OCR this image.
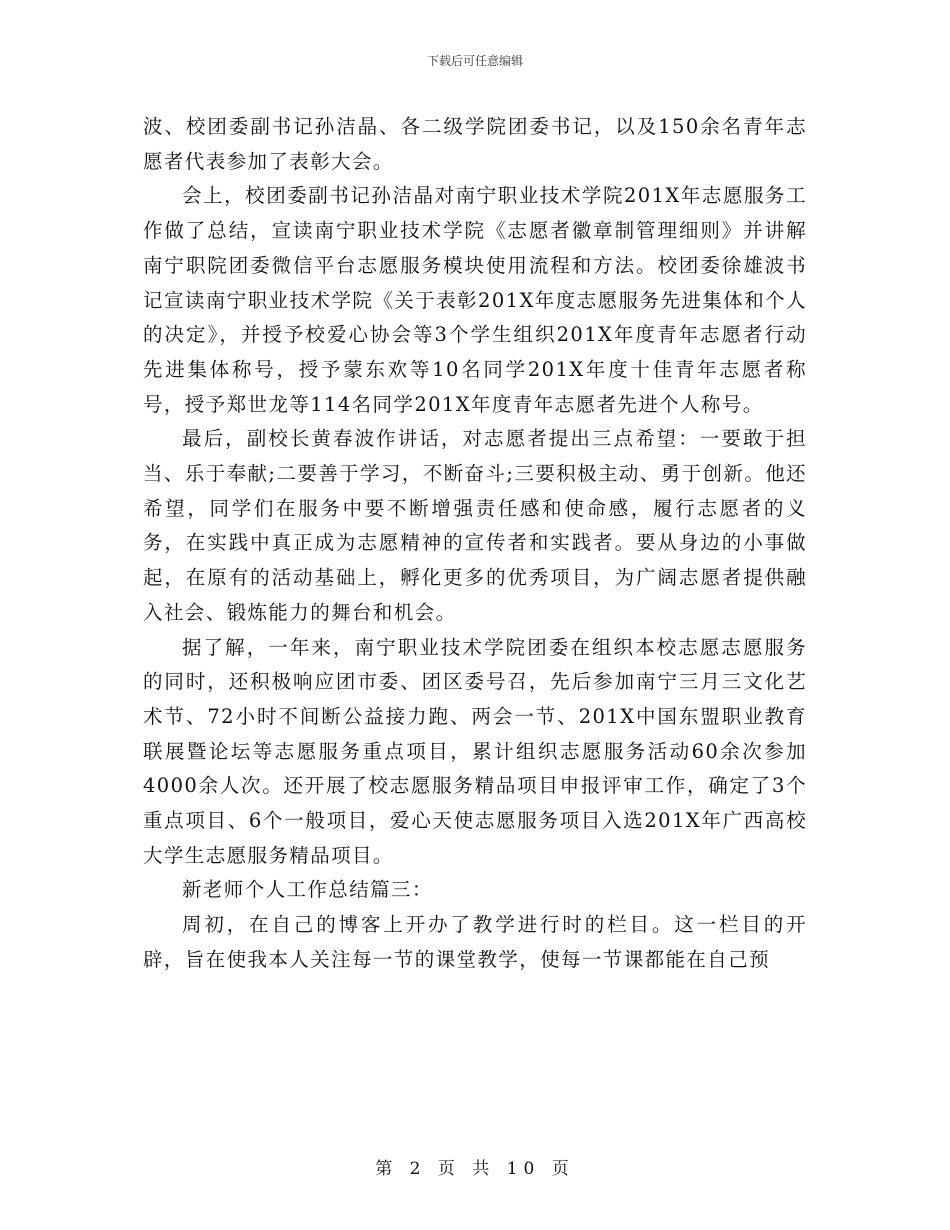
下载后可任意编辑

波、校团委副书记孙洁晶、各二级学院团委书记，以及150余名青年志愿者代表参加了表彰大会。

会上，校团委副书记孙洁晶对南宁职业技术学院201X年志愿服务工作做了总结，宣读南宁职业技术学院《志愿者徽章制管理细则》并讲解南宁职院团委微信平台志愿服务模块使用流程和方法。校团委徐雄波书记宣读南宁职业技术学院《关于表彰201X年度志愿服务先进集体和个人的决定》，并授予校爱心协会等3个学生组织201X年度青年志愿者行动先进集体称号，授予蒙东欢等10名同学201X年度十佳青年志愿者称号，授予郑世龙等114名同学201X年度青年志愿者先进个人称号。

最后，副校长黄春波作讲话，对志愿者提出三点希望：一要敢于担当、乐于奉献;二要善于学习，不断奋斗;三要积极主动、勇于创新。他还希望，同学们在服务中要不断增强责任感和使命感，履行志愿者的义务，在实践中真正成为志愿精神的宣传者和实践者。要从身边的小事做起，在原有的活动基础上，孵化更多的优秀项目，为广阔志愿者提供融入社会、锻炼能力的舞台和机会。

据了解，一年来，南宁职业技术学院团委在组织本校志愿志愿服务的同时，还积极响应团市委、团区委号召，先后参加南宁三月三文化艺术节、72小时不间断公益接力跑、两会一节、201X中国东盟职业教育联展暨论坛等志愿服务重点项目，累计组织志愿服务活动60余次参加4000余人次。还开展了校志愿服务精品项目申报评审工作，确定了3个重点项目、6个一般项目，爱心天使志愿服务项目入选201X年广西高校大学生志愿服务精品项目。

新老师个人工作总结篇三：

周初，在自己的博客上开办了教学进行时的栏目。这一栏目的开辟，旨在使我本人关注每一节的课堂教学，使每一节课都能在自己预

第 2 页 共 10 页
